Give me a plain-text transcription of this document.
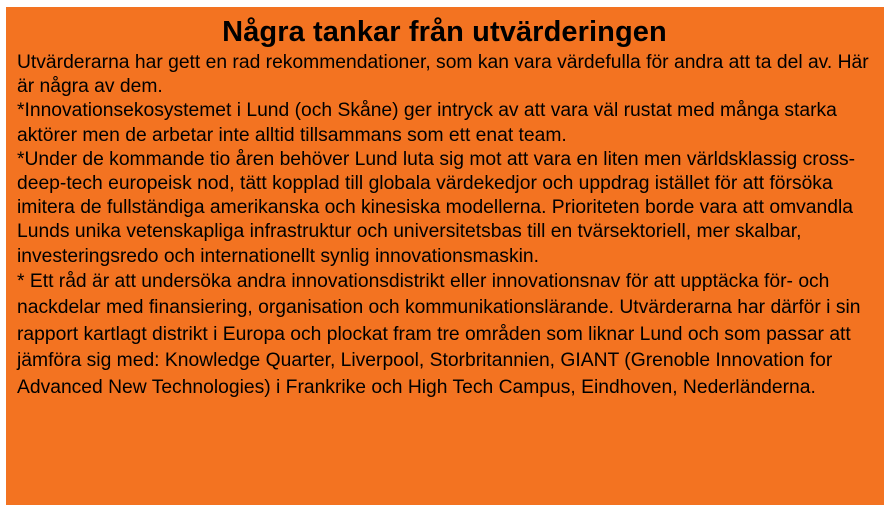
Några tankar från utvärderingen

Utvärderarna har gett en rad rekommendationer, som kan vara värdefulla för andra att ta del av. Här är några av dem.

*Innovationsekosystemet i Lund (och Skåne) ger intryck av att vara väl rustat med många starka aktörer men de arbetar inte alltid tillsammans som ett enat team.

*Under de kommande tio åren behöver Lund luta sig mot att vara en liten men världsklassig cross-deep-tech europeisk nod, tätt kopplad till globala värdekedjor och uppdrag istället för att försöka imitera de fullständiga amerikanska och kinesiska modellerna. Prioriteten borde vara att omvandla Lunds unika vetenskapliga infrastruktur och universitetsbas till en tvärsektoriell, mer skalbar, investeringsredo och internationellt synlig innovationsmaskin.

* Ett råd är att undersöka andra innovationsdistrikt eller innovationsnav för att upptäcka för- och nackdelar med finansiering, organisation och kommunikationslärande. Utvärderarna har därför i sin rapport kartlagt distrikt i Europa och plockat fram tre områden som liknar Lund och som passar att jämföra sig med: Knowledge Quarter, Liverpool, Storbritannien, GIANT (Grenoble Innovation for Advanced New Technologies) i Frankrike och High Tech Campus, Eindhoven, Nederländerna.
